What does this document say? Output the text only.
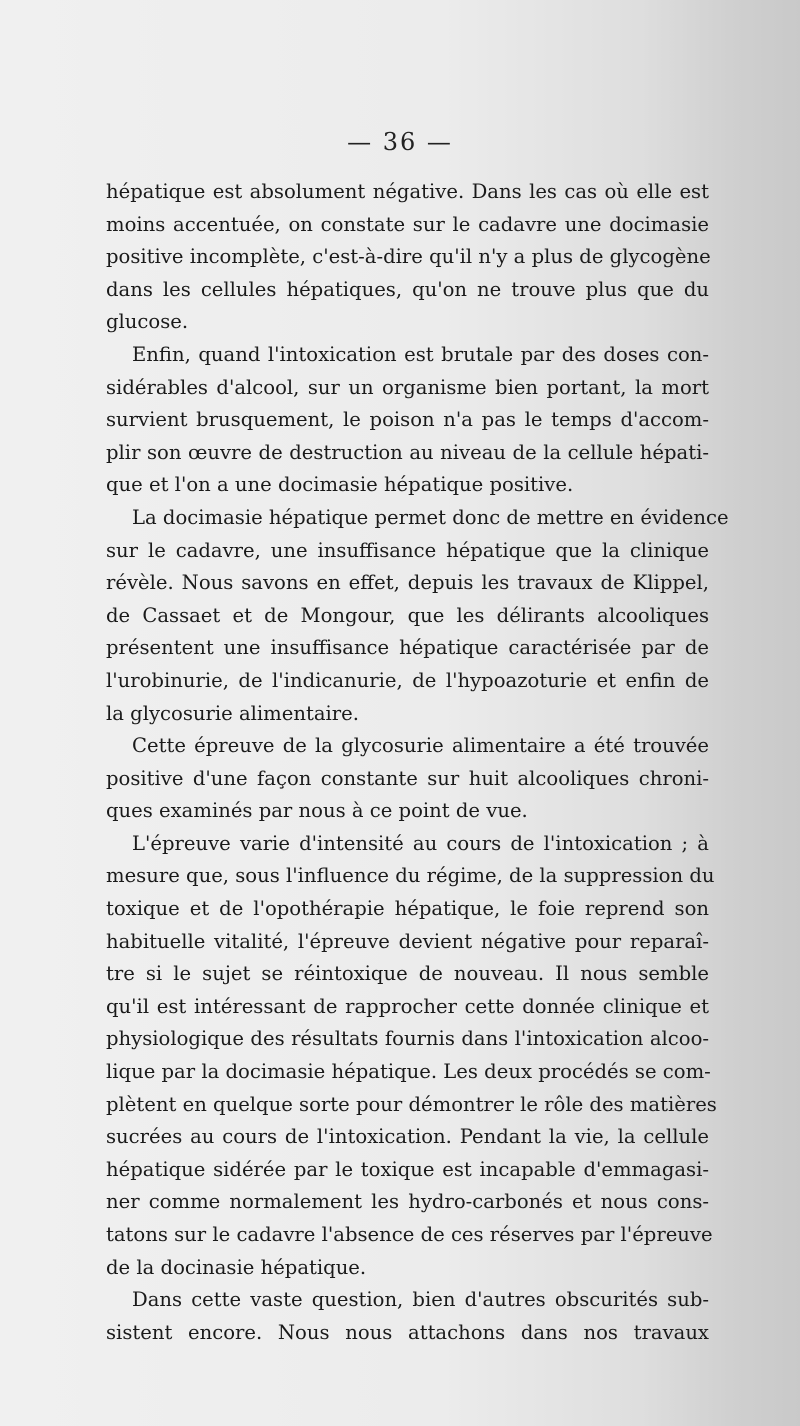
— 36 —

hépatique est absolument négative. Dans les cas où elle est
moins accentuée, on constate sur le cadavre une docimasie
positive incomplète, c'est-à-dire qu'il n'y a plus de glycogène
dans les cellules hépatiques, qu'on ne trouve plus que du
glucose.

Enfin, quand l'intoxication est brutale par des doses con-
sidérables d'alcool, sur un organisme bien portant, la mort
survient brusquement, le poison n'a pas le temps d'accom-
plir son œuvre de destruction au niveau de la cellule hépati-
que et l'on a une docimasie hépatique positive.

La docimasie hépatique permet donc de mettre en évidence
sur le cadavre, une insuffisance hépatique que la clinique
révèle. Nous savons en effet, depuis les travaux de Klippel,
de Cassaet et de Mongour, que les délirants alcooliques
présentent une insuffisance hépatique caractérisée par de
l'urobinurie, de l'indicanurie, de l'hypoazoturie et enfin de
la glycosurie alimentaire.

Cette épreuve de la glycosurie alimentaire a été trouvée
positive d'une façon constante sur huit alcooliques chroni-
ques examinés par nous à ce point de vue.

L'épreuve varie d'intensité au cours de l'intoxication ; à
mesure que, sous l'influence du régime, de la suppression du
toxique et de l'opothérapie hépatique, le foie reprend son
habituelle vitalité, l'épreuve devient négative pour reparaî-
tre si le sujet se réintoxique de nouveau. Il nous semble
qu'il est intéressant de rapprocher cette donnée clinique et
physiologique des résultats fournis dans l'intoxication alcoo-
lique par la docimasie hépatique. Les deux procédés se com-
plètent en quelque sorte pour démontrer le rôle des matières
sucrées au cours de l'intoxication. Pendant la vie, la cellule
hépatique sidérée par le toxique est incapable d'emmagasi-
ner comme normalement les hydro-carbonés et nous cons-
tatons sur le cadavre l'absence de ces réserves par l'épreuve
de la docinasie hépatique.

Dans cette vaste question, bien d'autres obscurités sub-
sistent encore. Nous nous attachons dans nos travaux
